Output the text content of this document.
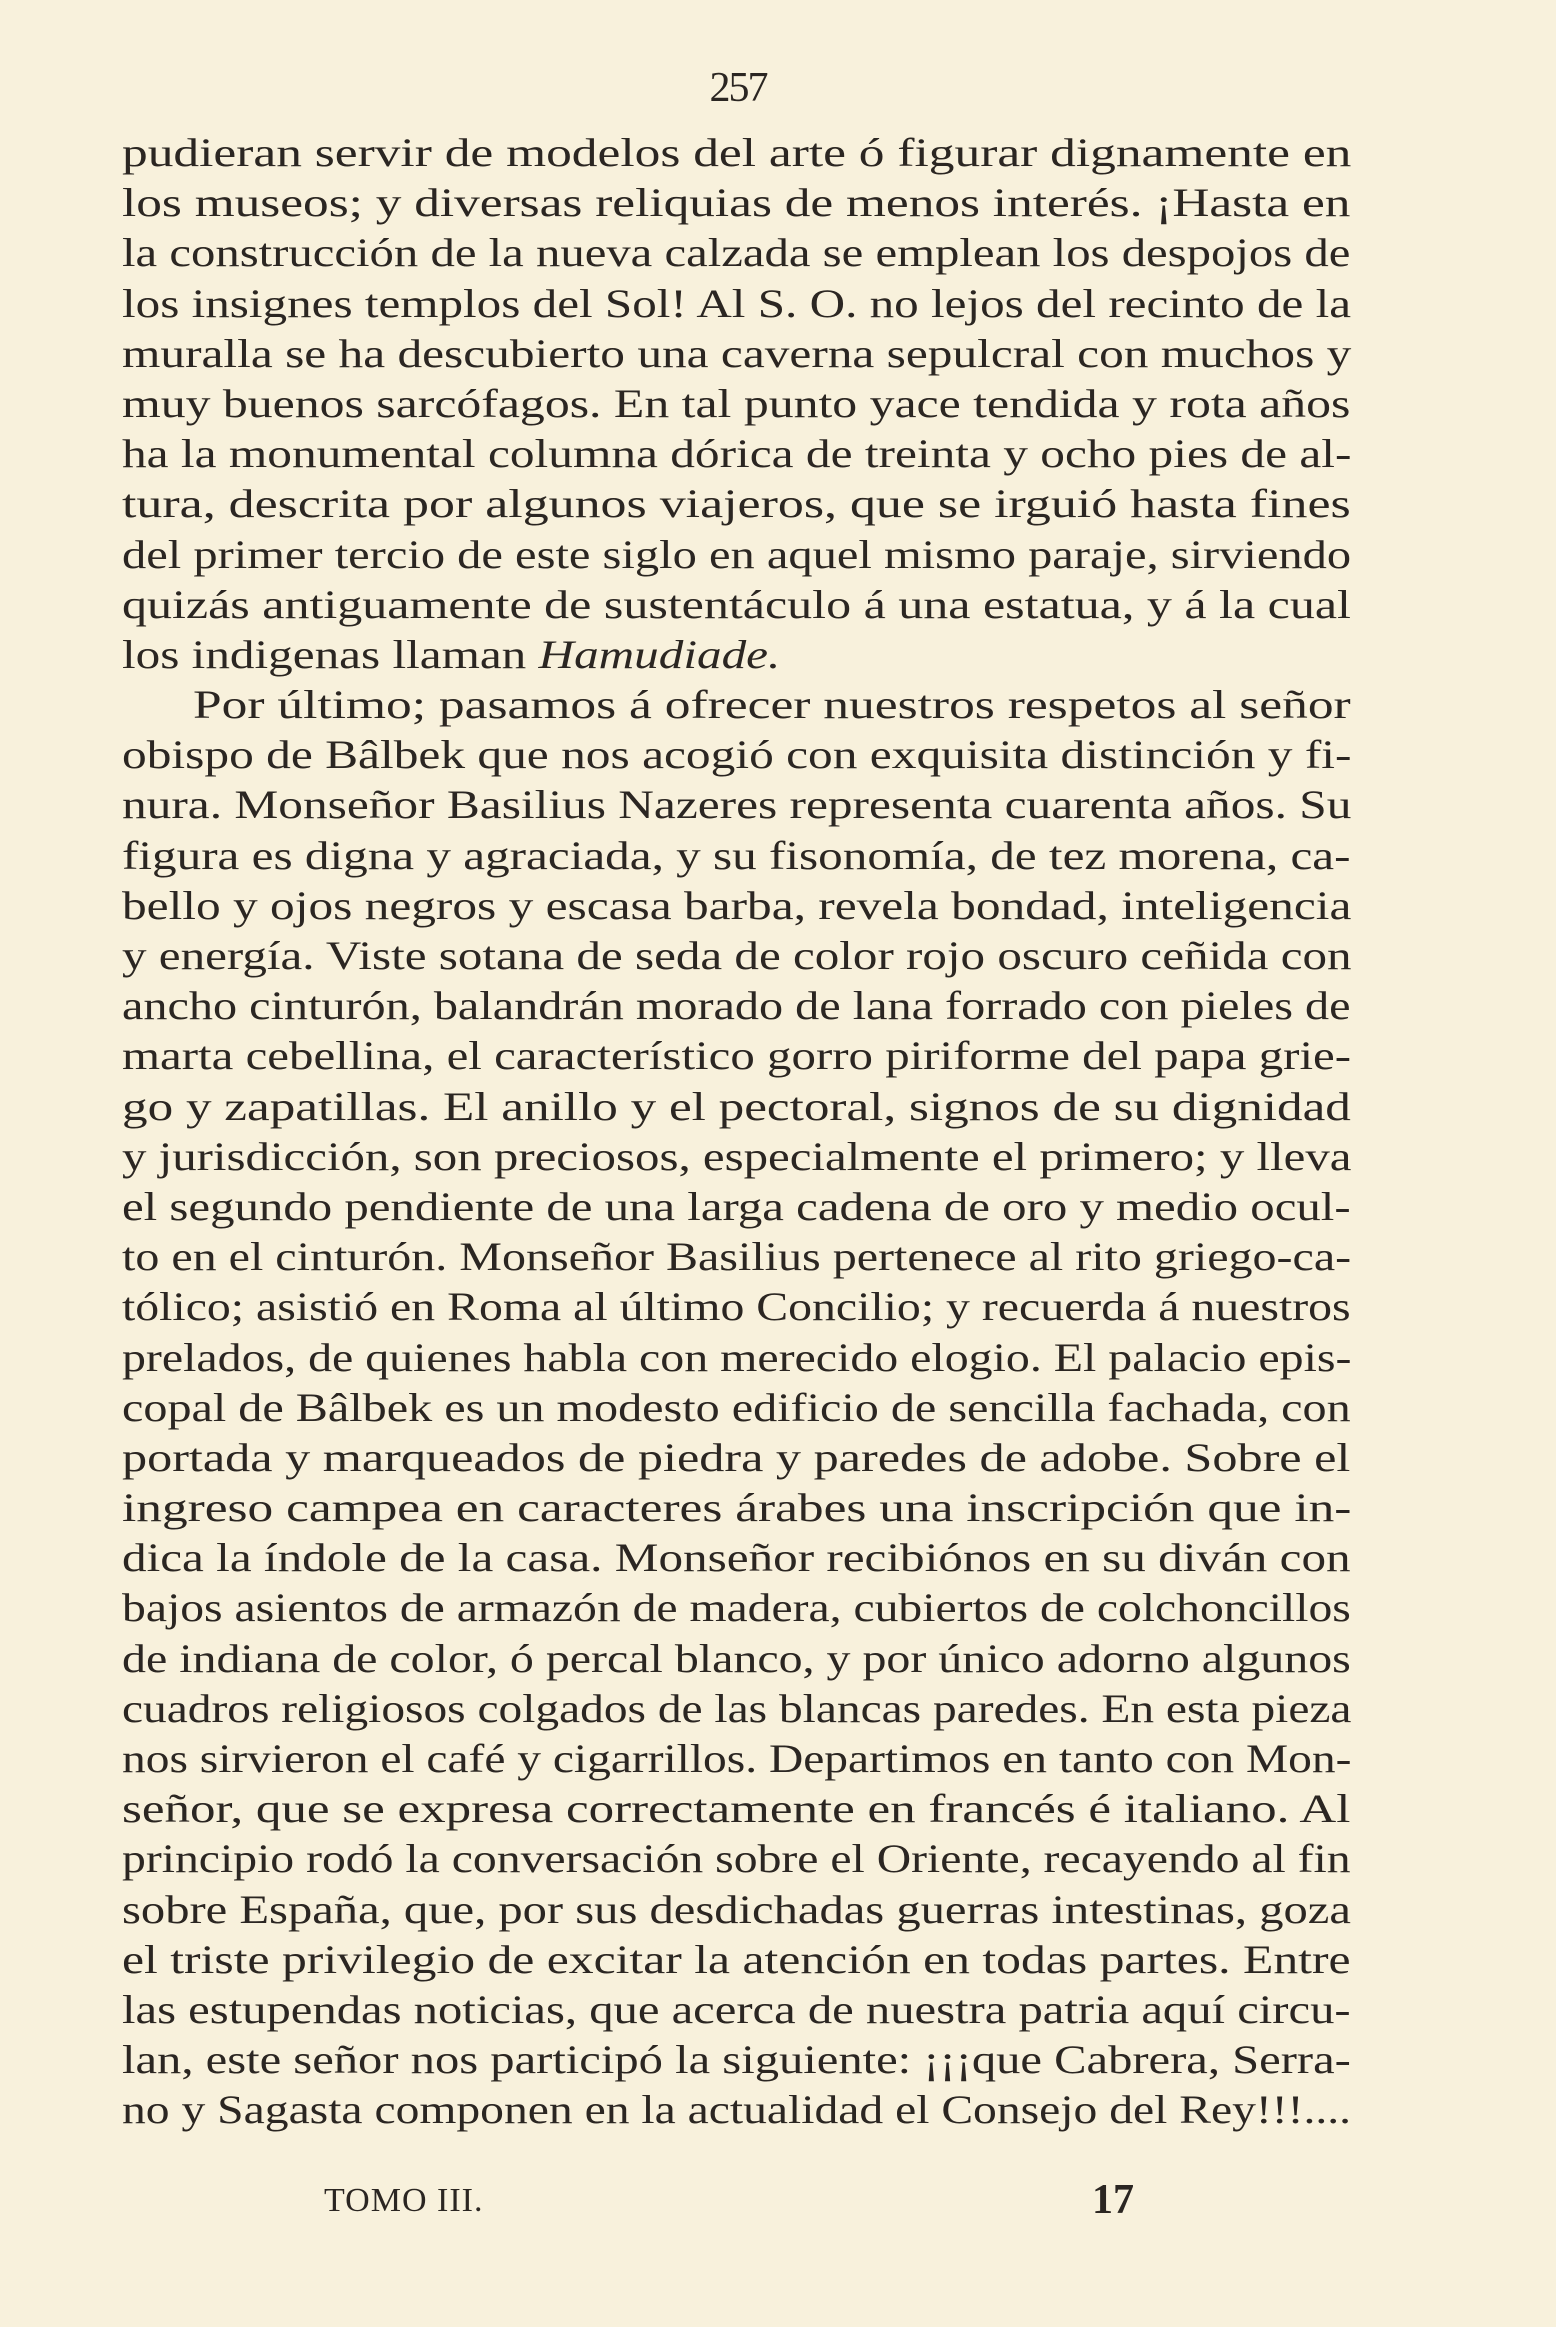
257
pudieran servir de modelos del arte ó figurar dignamente en
los museos; y diversas reliquias de menos interés. ¡Hasta en
la construcción de la nueva calzada se emplean los despojos de
los insignes templos del Sol! Al S. O. no lejos del recinto de la
muralla se ha descubierto una caverna sepulcral con muchos y
muy buenos sarcófagos. En tal punto yace tendida y rota años
ha la monumental columna dórica de treinta y ocho pies de al-
tura, descrita por algunos viajeros, que se irguió hasta fines
del primer tercio de este siglo en aquel mismo paraje, sirviendo
quizás antiguamente de sustentáculo á una estatua, y á la cual
los indigenas llaman Hamudiade.
Por último; pasamos á ofrecer nuestros respetos al señor
obispo de Bâlbek que nos acogió con exquisita distinción y fi-
nura. Monseñor Basilius Nazeres representa cuarenta años. Su
figura es digna y agraciada, y su fisonomía, de tez morena, ca-
bello y ojos negros y escasa barba, revela bondad, inteligencia
y energía. Viste sotana de seda de color rojo oscuro ceñida con
ancho cinturón, balandrán morado de lana forrado con pieles de
marta cebellina, el característico gorro piriforme del papa grie-
go y zapatillas. El anillo y el pectoral, signos de su dignidad
y jurisdicción, son preciosos, especialmente el primero; y lleva
el segundo pendiente de una larga cadena de oro y medio ocul-
to en el cinturón. Monseñor Basilius pertenece al rito griego-ca-
tólico; asistió en Roma al último Concilio; y recuerda á nuestros
prelados, de quienes habla con merecido elogio. El palacio epis-
copal de Bâlbek es un modesto edificio de sencilla fachada, con
portada y marqueados de piedra y paredes de adobe. Sobre el
ingreso campea en caracteres árabes una inscripción que in-
dica la índole de la casa. Monseñor recibiónos en su diván con
bajos asientos de armazón de madera, cubiertos de colchoncillos
de indiana de color, ó percal blanco, y por único adorno algunos
cuadros religiosos colgados de las blancas paredes. En esta pieza
nos sirvieron el café y cigarrillos. Departimos en tanto con Mon-
señor, que se expresa correctamente en francés é italiano. Al
principio rodó la conversación sobre el Oriente, recayendo al fin
sobre España, que, por sus desdichadas guerras intestinas, goza
el triste privilegio de excitar la atención en todas partes. Entre
las estupendas noticias, que acerca de nuestra patria aquí circu-
lan, este señor nos participó la siguiente: ¡¡¡que Cabrera, Serra-
no y Sagasta componen en la actualidad el Consejo del Rey!!!....
TOMO III.	17
